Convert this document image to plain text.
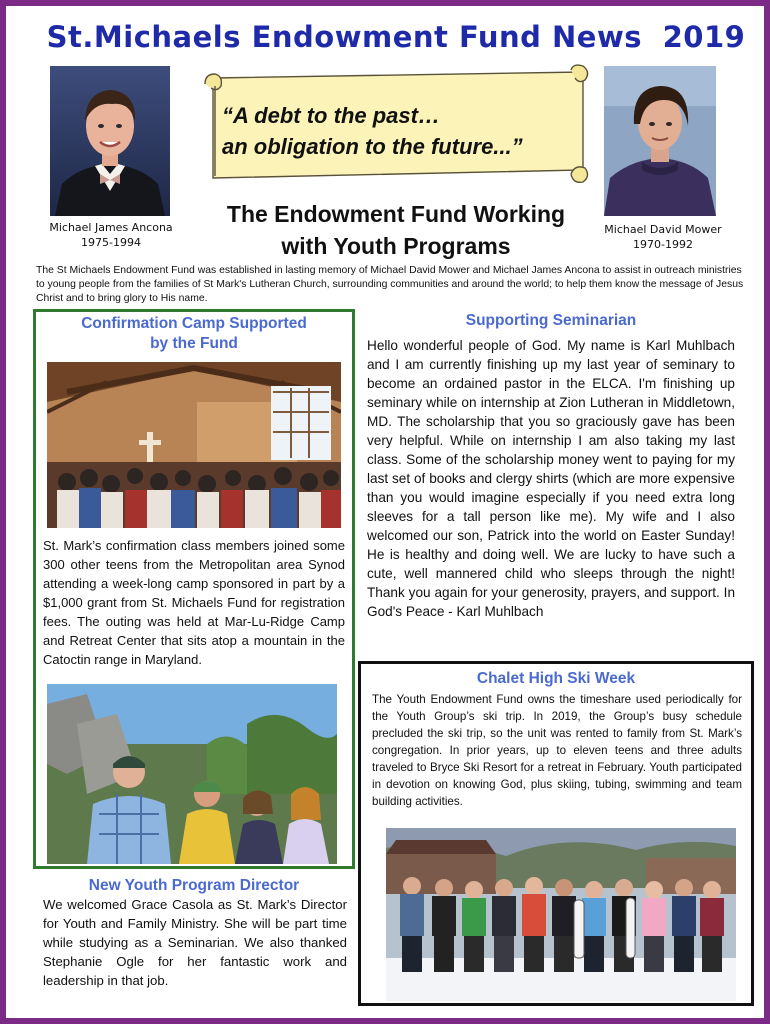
St.Michaels Endowment Fund News 2019
Michael James Ancona
1975-1994
“A debt to the past…
an obligation to the future...”
The Endowment Fund Working
with Youth Programs
Michael David Mower
1970-1992
The St Michaels Endowment Fund was established in lasting memory of Michael David Mower and Michael James Ancona to assist in outreach ministries to young people from the families of St Mark's Lutheran Church, surrounding communities and around the world; to help them know the message of Jesus Christ and to bring glory to His name.
Confirmation Camp Supported
by the Fund
St. Mark’s confirmation class members joined some 300 other teens from the Metropolitan area Synod attending a week-long camp sponsored in part by a $1,000 grant from St. Michaels Fund for registration fees. The outing was held at Mar-Lu-Ridge Camp and Retreat Center that sits atop a mountain in the Catoctin range in Maryland.
New Youth Program Director
We welcomed Grace Casola as St. Mark’s Director for Youth and Family Ministry. She will be part time while studying as a Seminarian. We also thanked Stephanie Ogle for her fantastic work and leadership in that job.
Supporting Seminarian
Hello wonderful people of God. My name is Karl Muhlbach and I am currently finishing up my last year of seminary to become an ordained pastor in the ELCA. I'm finishing up seminary while on internship at Zion Lutheran in Middletown, MD. The scholarship that you so graciously gave has been very helpful. While on internship I am also taking my last class. Some of the scholarship money went to paying for my last set of books and clergy shirts (which are more expensive than you would imagine especially if you need extra long sleeves for a tall person like me). My wife and I also welcomed our son, Patrick into the world on Easter Sunday! He is healthy and doing well. We are lucky to have such a cute, well mannered child who sleeps through the night! Thank you again for your generosity, prayers, and support. In God's Peace - Karl Muhlbach
Chalet High Ski Week
The Youth Endowment Fund owns the timeshare used periodically for the Youth Group’s ski trip. In 2019, the Group’s busy schedule precluded the ski trip, so the unit was rented to family from St. Mark’s congregation. In prior years, up to eleven teens and three adults traveled to Bryce Ski Resort for a retreat in February. Youth participated in devotion on knowing God, plus skiing, tubing, swimming and team building activities.
